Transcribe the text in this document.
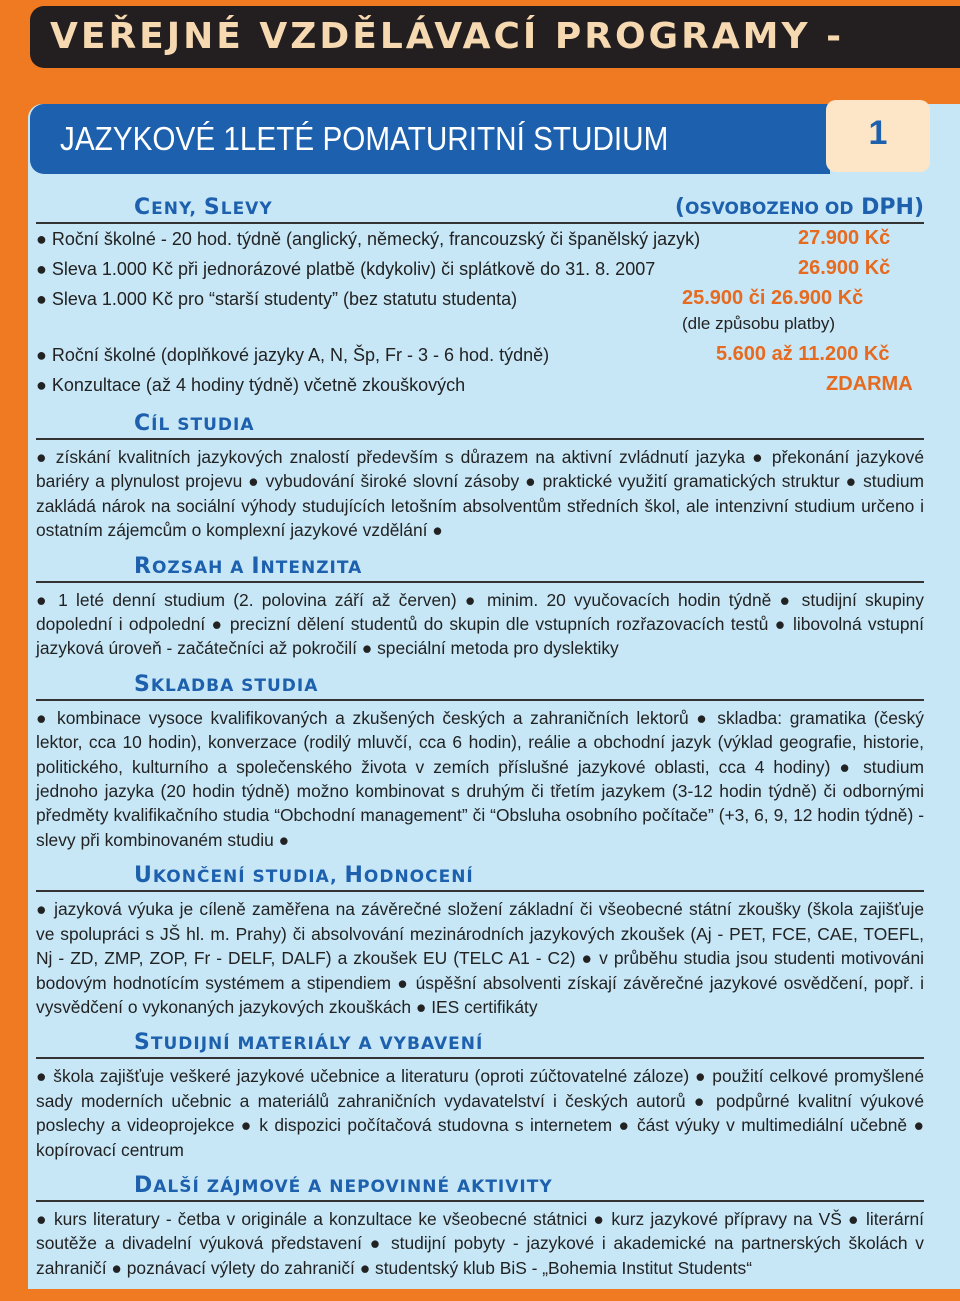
VEŘEJNÉ VZDĚLÁVACÍ PROGRAMY -
JAZYKOVÉ 1LETÉ POMATURITNÍ STUDIUM	1
CENY, SLEVY	(OSVOBOZENO OD DPH)
● Roční školné - 20 hod. týdně (anglický, německý, francouzský či španělský jazyk)	27.900 Kč
● Sleva 1.000 Kč při jednorázové platbě (kdykoliv) či splátkově do 31. 8. 2007	26.900 Kč
● Sleva 1.000 Kč pro “starší studenty” (bez statutu studenta)	25.900 či 26.900 Kč
(dle způsobu platby)
● Roční školné (doplňkové jazyky A, N, Šp, Fr - 3 - 6 hod. týdně)	5.600 až 11.200 Kč
● Konzultace (až 4 hodiny týdně) včetně zkouškových	ZDARMA
CÍL STUDIA
● získání kvalitních jazykových znalostí především s důrazem na aktivní zvládnutí jazyka ● překonání jazykové bariéry a plynulost projevu ● vybudování široké slovní zásoby ● praktické využití gramatických struktur ● studium zakládá nárok na sociální výhody studujících letošním absolventům středních škol, ale intenzivní studium určeno i ostatním zájemcům o komplexní jazykové vzdělání ●
ROZSAH A INTENZITA
● 1 leté denní studium (2. polovina září až červen) ● minim. 20 vyučovacích hodin týdně ● studijní skupiny dopolední i odpolední ● precizní dělení studentů do skupin dle vstupních rozřazovacích testů ● libovolná vstupní jazyková úroveň - začátečníci až pokročilí ● speciální metoda pro dyslektiky
SKLADBA STUDIA
● kombinace vysoce kvalifikovaných a zkušených českých a zahraničních lektorů ● skladba: gramatika (český lektor, cca 10 hodin), konverzace (rodilý mluvčí, cca 6 hodin), reálie a obchodní jazyk (výklad geografie, historie, politického, kulturního a společenského života v zemích příslušné jazykové oblasti, cca 4 hodiny) ● studium jednoho jazyka (20 hodin týdně) možno kombinovat s druhým či třetím jazykem (3-12 hodin týdně) či odbornými předměty kvalifikačního studia “Obchodní management” či “Obsluha osobního počítače” (+3, 6, 9, 12 hodin týdně) - slevy při kombinovaném studiu ●
UKONČENÍ STUDIA, HODNOCENÍ
● jazyková výuka je cíleně zaměřena na závěrečné složení základní či všeobecné státní zkoušky (škola zajišťuje ve spolupráci s JŠ hl. m. Prahy) či absolvování mezinárodních jazykových zkoušek (Aj - PET, FCE, CAE, TOEFL, Nj - ZD, ZMP, ZOP, Fr - DELF, DALF) a zkoušek EU (TELC A1 - C2) ● v průběhu studia jsou studenti motivováni bodovým hodnotícím systémem a stipendiem ● úspěšní absolventi získají závěrečné jazykové osvědčení, popř. i vysvědčení o vykonaných jazykových zkouškách ● IES certifikáty
STUDIJNÍ MATERIÁLY A VYBAVENÍ
● škola zajišťuje veškeré jazykové učebnice a literaturu (oproti zúčtovatelné záloze) ● použití celkové promyšlené sady moderních učebnic a materiálů zahraničních vydavatelství i českých autorů ● podpůrné kvalitní výukové poslechy a videoprojekce ● k dispozici počítačová studovna s internetem ● část výuky v multimediální učebně ● kopírovací centrum
DALŠÍ ZÁJMOVÉ A NEPOVINNÉ AKTIVITY
● kurs literatury - četba v originále a konzultace ke všeobecné státnici ● kurz jazykové přípravy na VŠ ● literární soutěže a divadelní výuková představení ● studijní pobyty - jazykové i akademické na partnerských školách v zahraničí ● poznávací výlety do zahraničí ● studentský klub BiS - „Bohemia Institut Students“
